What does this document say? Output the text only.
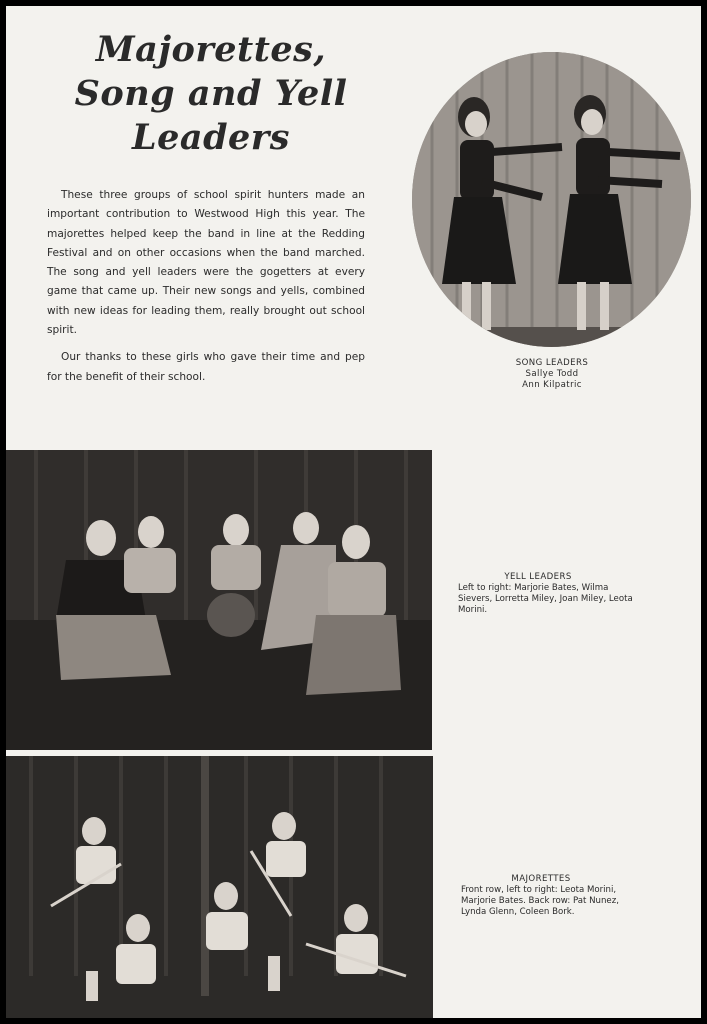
Majorettes,
Song and Yell
Leaders

These three groups of school spirit hunters made an important contribution to Westwood High this year. The majorettes helped keep the band in line at the Redding Festival and on other occasions when the band marched. The song and yell leaders were the gogetters at every game that came up. Their new songs and yells, combined with new ideas for leading them, really brought out school spirit.

Our thanks to these girls who gave their time and pep for the benefit of their school.

SONG LEADERS
Sallye Todd
Ann Kilpatric
YELL LEADERS
Left to right: Marjorie Bates, Wilma Sievers, Lorretta Miley, Joan Miley, Leota Morini.
MAJORETTES
Front row, left to right: Leota Morini, Marjorie Bates. Back row: Pat Nunez, Lynda Glenn, Coleen Bork.
